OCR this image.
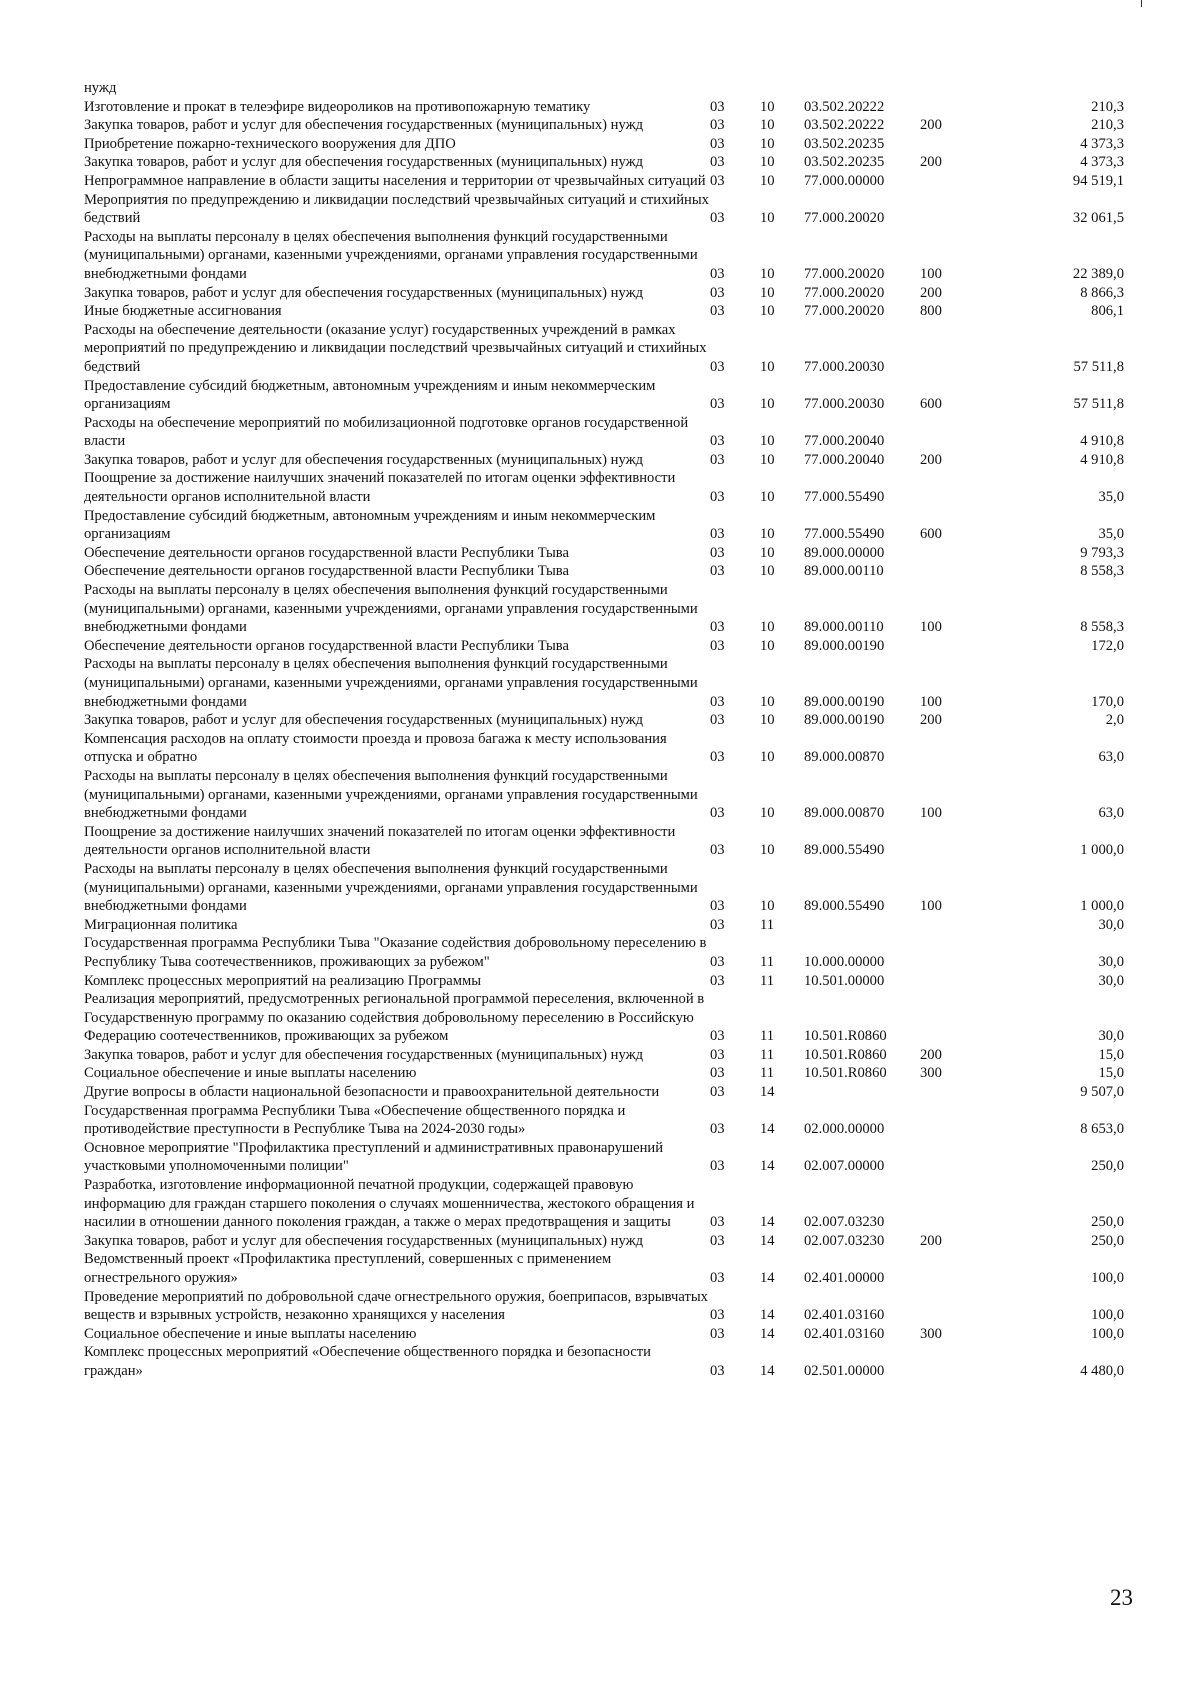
нужд					
Изготовление и прокат в телеэфире видеороликов на противопожарную тематику	03	10	03.502.20222		210,3
Закупка товаров, работ и услуг для обеспечения государственных (муниципальных) нужд	03	10	03.502.20222	200	210,3
Приобретение пожарно-технического вооружения для ДПО	03	10	03.502.20235		4 373,3
Закупка товаров, работ и услуг для обеспечения государственных (муниципальных) нужд	03	10	03.502.20235	200	4 373,3
Непрограммное направление в области защиты населения и территории от чрезвычайных ситуаций	03	10	77.000.00000		94 519,1
Мероприятия по предупреждению и ликвидации последствий чрезвычайных ситуаций и стихийных бедствий	03	10	77.000.20020		32 061,5
Расходы на выплаты персоналу в целях обеспечения выполнения функций государственными (муниципальными) органами, казенными учреждениями, органами управления государственными внебюджетными фондами	03	10	77.000.20020	100	22 389,0
Закупка товаров, работ и услуг для обеспечения государственных (муниципальных) нужд	03	10	77.000.20020	200	8 866,3
Иные бюджетные ассигнования	03	10	77.000.20020	800	806,1
Расходы на обеспечение деятельности (оказание услуг) государственных учреждений в рамках мероприятий по предупреждению и ликвидации последствий чрезвычайных ситуаций и стихийных бедствий	03	10	77.000.20030		57 511,8
Предоставление субсидий бюджетным, автономным учреждениям и иным некоммерческим организациям	03	10	77.000.20030	600	57 511,8
Расходы на обеспечение мероприятий по мобилизационной подготовке органов государственной власти	03	10	77.000.20040		4 910,8
Закупка товаров, работ и услуг для обеспечения государственных (муниципальных) нужд	03	10	77.000.20040	200	4 910,8
Поощрение за достижение наилучших значений показателей по итогам оценки эффективности деятельности органов исполнительной власти	03	10	77.000.55490		35,0
Предоставление субсидий бюджетным, автономным учреждениям и иным некоммерческим организациям	03	10	77.000.55490	600	35,0
Обеспечение деятельности органов государственной власти Республики Тыва	03	10	89.000.00000		9 793,3
Обеспечение деятельности органов государственной власти Республики Тыва	03	10	89.000.00110		8 558,3
Расходы на выплаты персоналу в целях обеспечения выполнения функций государственными (муниципальными) органами, казенными учреждениями, органами управления государственными внебюджетными фондами	03	10	89.000.00110	100	8 558,3
Обеспечение деятельности органов государственной власти Республики Тыва	03	10	89.000.00190		172,0
Расходы на выплаты персоналу в целях обеспечения выполнения функций государственными (муниципальными) органами, казенными учреждениями, органами управления государственными внебюджетными фондами	03	10	89.000.00190	100	170,0
Закупка товаров, работ и услуг для обеспечения государственных (муниципальных) нужд	03	10	89.000.00190	200	2,0
Компенсация расходов на оплату стоимости проезда и провоза багажа к месту использования отпуска и обратно	03	10	89.000.00870		63,0
Расходы на выплаты персоналу в целях обеспечения выполнения функций государственными (муниципальными) органами, казенными учреждениями, органами управления государственными внебюджетными фондами	03	10	89.000.00870	100	63,0
Поощрение за достижение наилучших значений показателей по итогам оценки эффективности деятельности органов исполнительной власти	03	10	89.000.55490		1 000,0
Расходы на выплаты персоналу в целях обеспечения выполнения функций государственными (муниципальными) органами, казенными учреждениями, органами управления государственными внебюджетными фондами	03	10	89.000.55490	100	1 000,0
Миграционная политика	03	11			30,0
Государственная программа Республики Тыва "Оказание содействия добровольному переселению в Республику Тыва соотечественников, проживающих за рубежом"	03	11	10.000.00000		30,0
Комплекс процессных мероприятий на реализацию Программы	03	11	10.501.00000		30,0
Реализация мероприятий, предусмотренных региональной программой переселения, включенной в Государственную программу по оказанию содействия добровольному переселению в Российскую Федерацию соотечественников, проживающих за рубежом	03	11	10.501.R0860		30,0
Закупка товаров, работ и услуг для обеспечения государственных (муниципальных) нужд	03	11	10.501.R0860	200	15,0
Социальное обеспечение и иные выплаты населению	03	11	10.501.R0860	300	15,0
Другие вопросы в области национальной безопасности и правоохранительной деятельности	03	14			9 507,0
Государственная программа Республики Тыва «Обеспечение общественного порядка и противодействие преступности в Республике Тыва на 2024-2030 годы»	03	14	02.000.00000		8 653,0
Основное мероприятие "Профилактика преступлений и административных правонарушений участковыми уполномоченными полиции"	03	14	02.007.00000		250,0
Разработка, изготовление информационной печатной продукции, содержащей правовую информацию для граждан старшего поколения о случаях мошенничества, жестокого обращения и насилии в отношении данного поколения граждан, а также о мерах предотвращения и защиты	03	14	02.007.03230		250,0
Закупка товаров, работ и услуг для обеспечения государственных (муниципальных) нужд	03	14	02.007.03230	200	250,0
Ведомственный проект «Профилактика преступлений, совершенных с применением огнестрельного оружия»	03	14	02.401.00000		100,0
Проведение мероприятий по добровольной сдаче огнестрельного оружия, боеприпасов, взрывчатых веществ и взрывных устройств, незаконно хранящихся у населения	03	14	02.401.03160		100,0
Социальное обеспечение и иные выплаты населению	03	14	02.401.03160	300	100,0
Комплекс процессных мероприятий «Обеспечение общественного порядка и безопасности граждан»	03	14	02.501.00000		4 480,0
23
